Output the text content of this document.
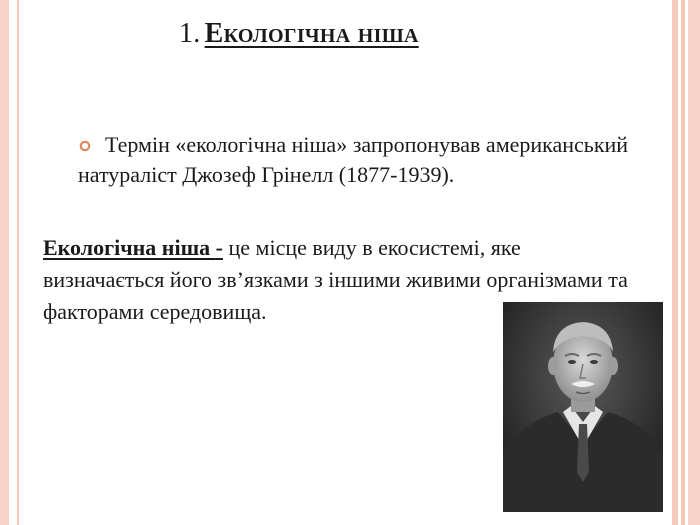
1. Екологічна ніша
Термін «екологічна ніша» запропонував американський натураліст Джозеф Грінелл (1877-1939).
Екологічна ніша - це місце виду в екосистемі, яке визначається його зв’язками з іншими живими організмами та факторами середовища.
